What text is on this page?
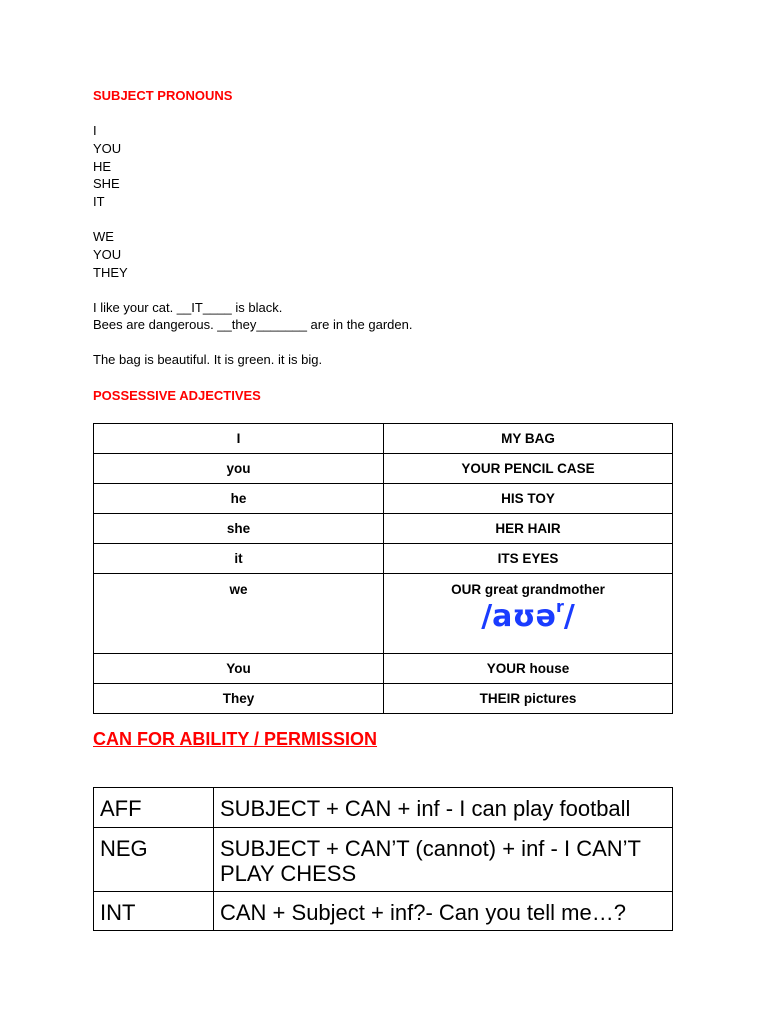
SUBJECT PRONOUNS
I
YOU
HE
SHE
IT
WE
YOU
THEY
I like your cat. __IT____ is black.
Bees are dangerous. __they_______ are in the garden.
The bag is beautiful. It is green. it is big.
POSSESSIVE ADJECTIVES
I	MY BAG
you	YOUR PENCIL CASE
he	HIS TOY
she	HER HAIR
it	ITS EYES
we	OUR great grandmother
/aʊə$^r$/

You	YOUR house
They	THEIR pictures
CAN FOR ABILITY / PERMISSION
AFF	SUBJECT + CAN + inf - I can play football
NEG	SUBJECT + CAN’T (cannot) + inf - I CAN’T PLAY CHESS
INT	CAN + Subject + inf?- Can you tell me…?
